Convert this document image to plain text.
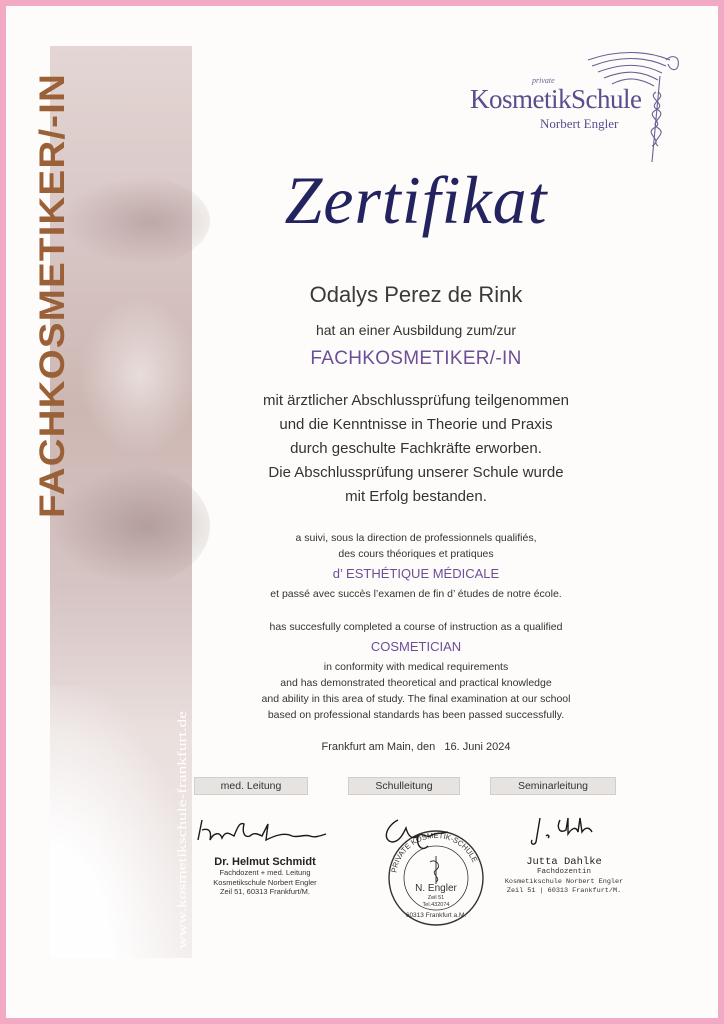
FACHKOSMETIKER/-IN
www.kosmetikschule-frankfurt.de
private
KosmetikSchule
Norbert Engler
Zertifikat
Odalys Perez de Rink
hat an einer Ausbildung zum/zur
FACHKOSMETIKER/-IN
mit ärztlicher Abschlussprüfung teilgenommen
und die Kenntnisse in Theorie und Praxis
durch geschulte Fachkräfte erworben.
Die Abschlussprüfung unserer Schule wurde
mit Erfolg bestanden.
a suivi, sous la direction de professionnels qualifiés,
des cours théoriques et pratiques
d’ ESTHÉTIQUE MÉDICALE
et passé avec succès l’examen de fin d’ études de notre école.
has succesfully completed a course of instruction as a qualified
COSMETICIAN
in conformity with medical requirements
and has demonstrated theoretical and practical knowledge
and ability in this area of study. The final examination at our school
based on professional standards has been passed successfully.
Frankfurt am Main, den   16. Juni 2024
med. Leitung	Schulleitung	Seminarleitung
Dr. Helmut Schmidt
Fachdozent + med. Leitung
Kosmetikschule Norbert Engler
Zeil 51, 60313 Frankfurt/M.
PRIVATE KOSMETIK-SCHULE
N. Engler
Zeil 51
Tel.432074
60313 Frankfurt a.M.
Jutta Dahlke
Fachdozentin
Kosmetikschule Norbert Engler
Zeil 51 | 60313 Frankfurt/M.
